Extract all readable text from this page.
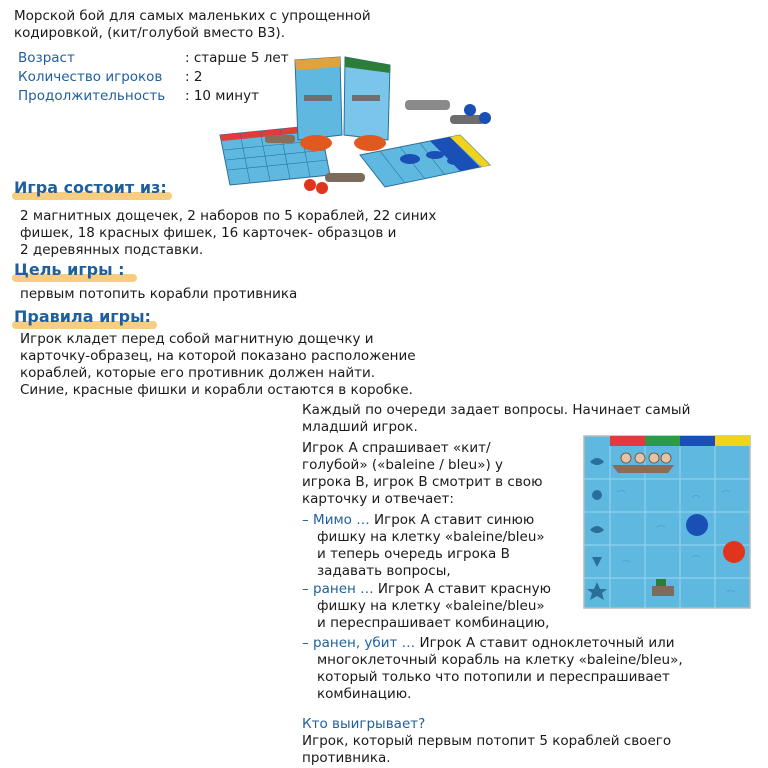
Морской бой для самых маленьких с упрощенной
кодировкой, (кит/голубой вместо В3).
Возраст	: старше 5 лет
Количество игроков : 2
Продолжительность : 10 минут
Игра состоит из:
2 магнитных дощечек, 2 наборов по 5 кораблей, 22 синих
фишек, 18 красных фишек, 16 карточек- образцов и
2 деревянных подставки.
Цель игры :
первым потопить корабли противника
Правила игры:
Игрок кладет перед собой магнитную дощечку и
карточку-образец, на которой показано расположение
кораблей, которые его противник должен найти.
Синие, красные фишки и корабли остаются в коробке.
Каждый по очереди задает вопросы. Начинает самый
младший игрок.
Игрок А спрашивает «кит/
голубой» («baleine / bleu») у
игрока В, игрок В смотрит в свою
карточку и отвечает:
– Мимо … Игрок А ставит синюю
фишку на клетку «baleine/bleu»
и теперь очередь игрока В
задавать вопросы,
– ранен … Игрок А ставит красную
фишку на клетку «baleine/bleu»
и переспрашивает комбинацию,
– ранен, убит … Игрок А ставит одноклеточный или
многоклеточный корабль на клетку «baleine/bleu»,
который только что потопили и переспрашивает
комбинацию.
Кто выигрывает?
Игрок, который первым потопит 5 кораблей своего
противника.
